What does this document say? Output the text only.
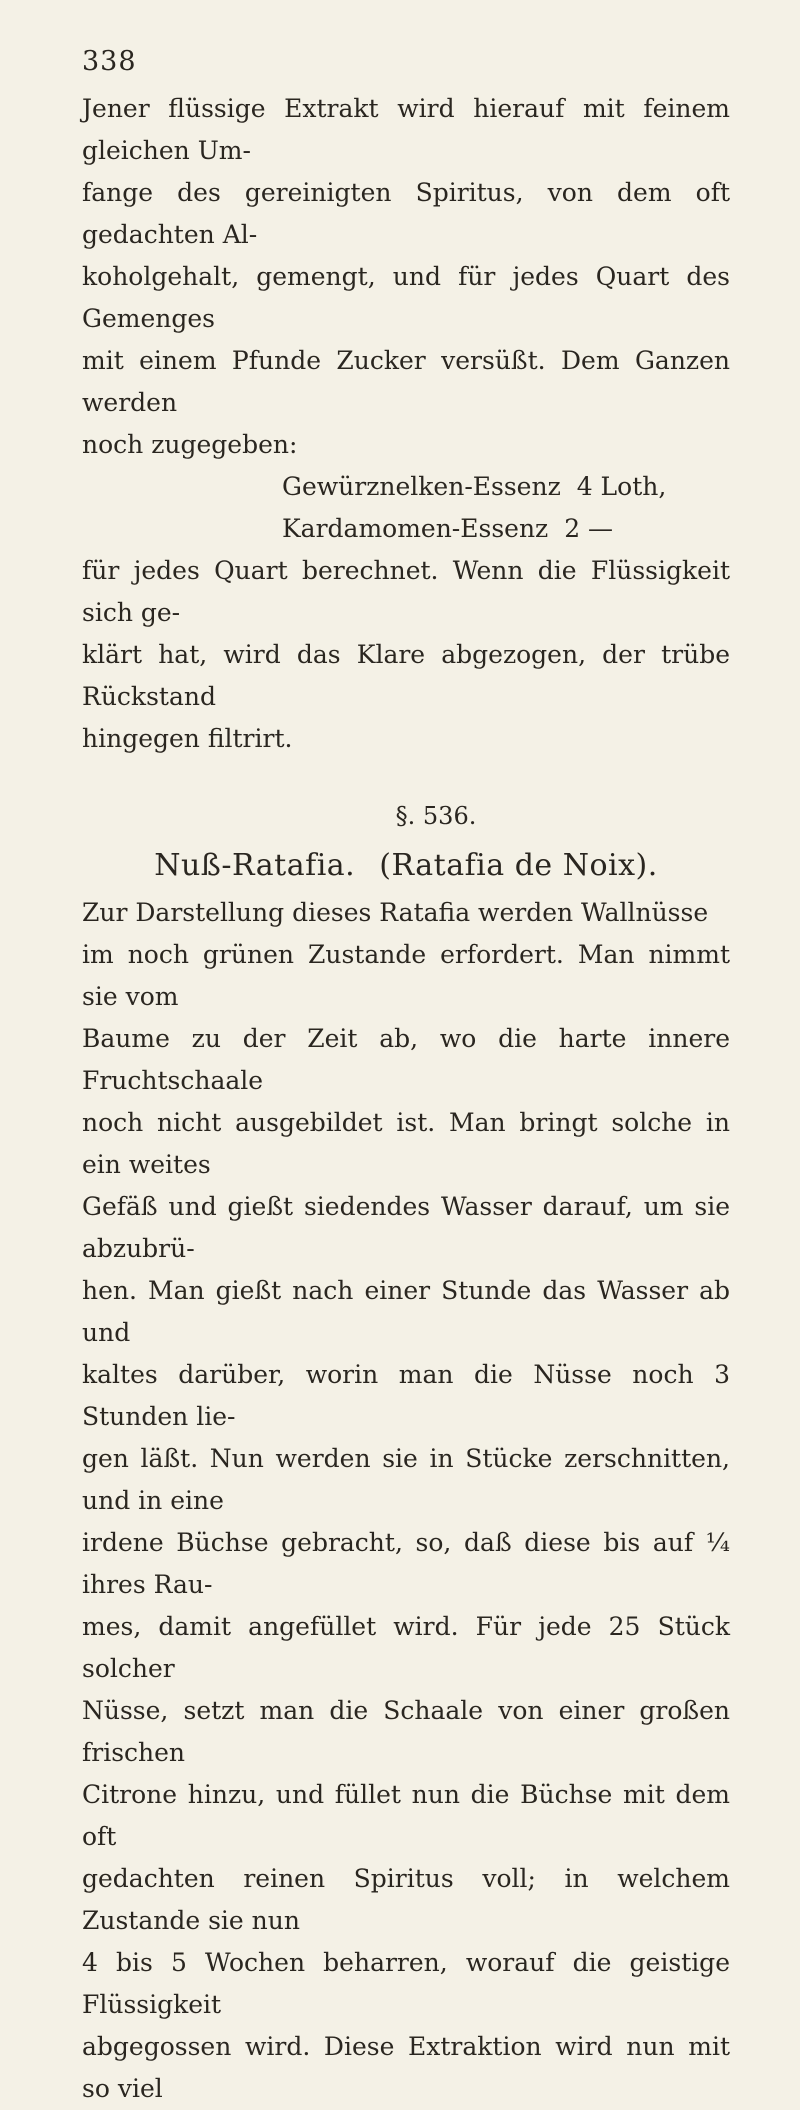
338
Jener flüssige Extrakt wird hierauf mit feinem gleichen Um-
fange des gereinigten Spiritus, von dem oft gedachten Al-
koholgehalt, gemengt, und für jedes Quart des Gemenges
mit einem Pfunde Zucker versüßt. Dem Ganzen werden
noch zugegeben:
Gewürznelken-Essenz 4 Loth,
Kardamomen-Essenz 2 —
für jedes Quart berechnet. Wenn die Flüssigkeit sich ge-
klärt hat, wird das Klare abgezogen, der trübe Rückstand
hingegen filtrirt.
§. 536.
Nuß-Ratafia. (Ratafia de Noix).
Zur Darstellung dieses Ratafia werden Wallnüsse
im noch grünen Zustande erfordert. Man nimmt sie vom
Baume zu der Zeit ab, wo die harte innere Fruchtschaale
noch nicht ausgebildet ist. Man bringt solche in ein weites
Gefäß und gießt siedendes Wasser darauf, um sie abzubrü-
hen. Man gießt nach einer Stunde das Wasser ab und
kaltes darüber, worin man die Nüsse noch 3 Stunden lie-
gen läßt. Nun werden sie in Stücke zerschnitten, und in eine
irdene Büchse gebracht, so, daß diese bis auf ¼ ihres Rau-
mes, damit angefüllet wird. Für jede 25 Stück solcher
Nüsse, setzt man die Schaale von einer großen frischen
Citrone hinzu, und füllet nun die Büchse mit dem oft
gedachten reinen Spiritus voll; in welchem Zustande sie nun
4 bis 5 Wochen beharren, worauf die geistige Flüssigkeit
abgegossen wird. Diese Extraktion wird nun mit so viel
